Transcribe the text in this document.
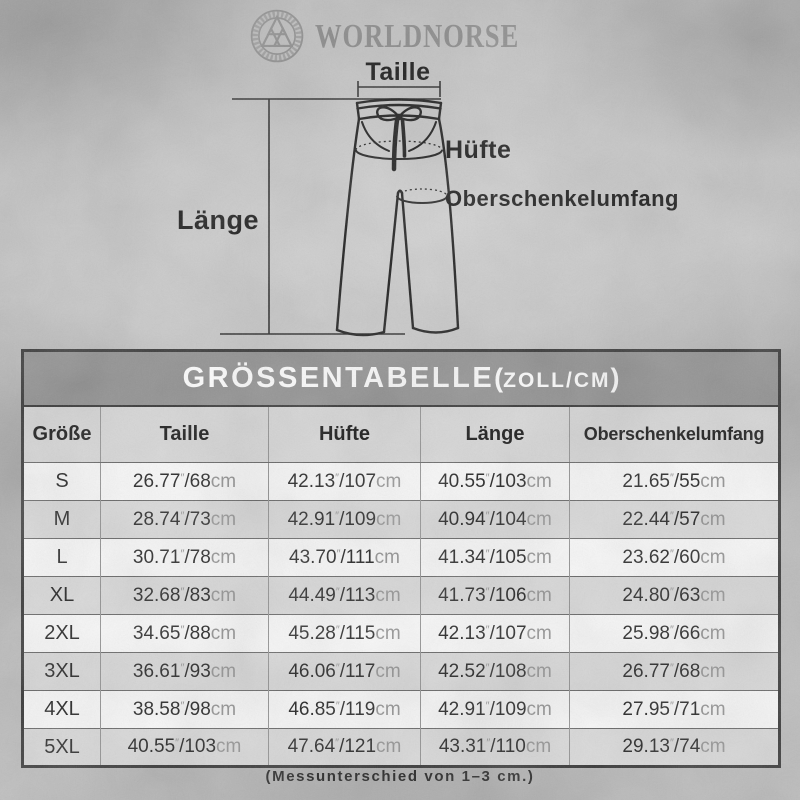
WORLDNORSE
Taille
Hüfte
Oberschenkelumfang
Länge
GRÖSSENTABELLE(ZOLL/CM)				
Größe	Taille	Hüfte	Länge	Oberschenkelumfang
S	26.77″/68cm	42.13″/107cm	40.55″/103cm	21.65″/55cm
M	28.74″/73cm	42.91″/109cm	40.94″/104cm	22.44″/57cm
L	30.71″/78cm	43.70″/111cm	41.34″/105cm	23.62″/60cm
XL	32.68″/83cm	44.49″/113cm	41.73″/106cm	24.80″/63cm
2XL	34.65″/88cm	45.28″/115cm	42.13″/107cm	25.98″/66cm
3XL	36.61″/93cm	46.06″/117cm	42.52″/108cm	26.77″/68cm
4XL	38.58″/98cm	46.85″/119cm	42.91″/109cm	27.95″/71cm
5XL	40.55″/103cm	47.64″/121cm	43.31″/110cm	29.13″/74cm
(Messunterschied von 1–3 cm.)
